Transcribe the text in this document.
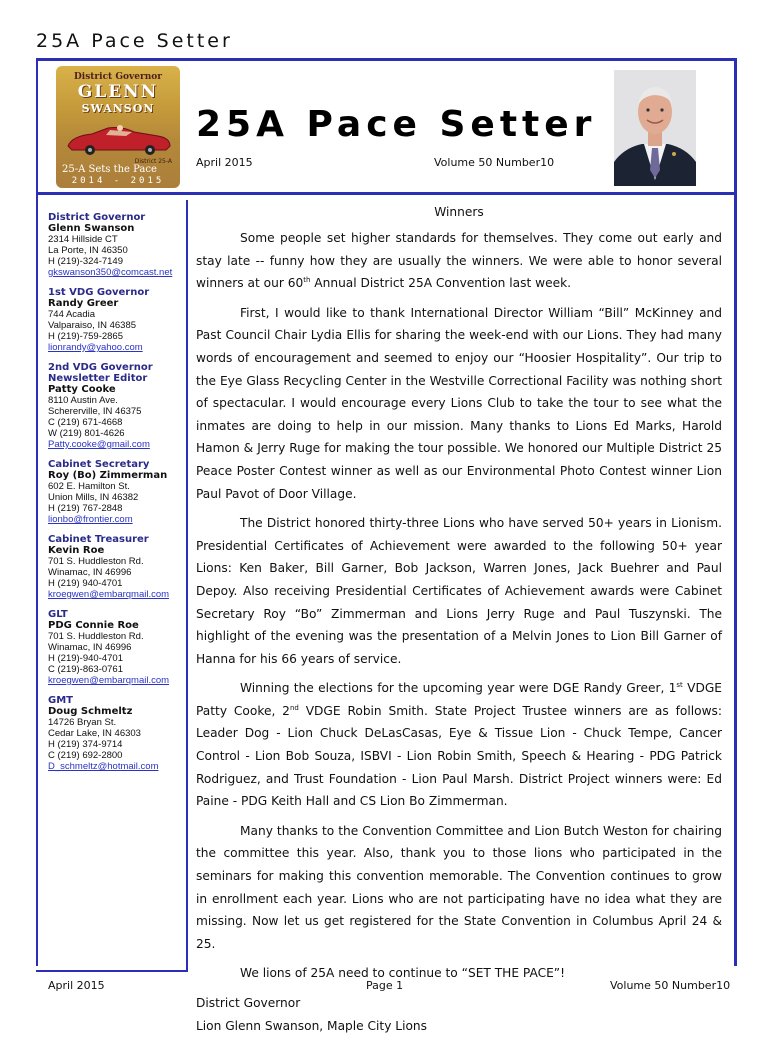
25A Pace Setter
District Governor
GLENN
SWANSON
District 25-A
25-A Sets the Pace
2014 - 2015
25A Pace Setter
April 2015	Volume 50 Number10
District Governor
Glenn Swanson
2314 Hillside CT
La Porte, IN 46350
H (219)-324-7149
gkswanson350@comcast.net
1st VDG Governor
Randy Greer
744 Acadia
Valparaiso, IN 46385
H (219)-759-2865
lionrandy@yahoo.com
2nd VDG Governor
Newsletter Editor
Patty Cooke
8110 Austin Ave.
Schererville, IN 46375
C (219) 671-4668
W (219) 801-4626
Patty.cooke@gmail.com
Cabinet Secretary
Roy (Bo) Zimmerman
602 E. Hamilton St.
Union Mills, IN 46382
H (219) 767-2848
lionbo@frontier.com
Cabinet Treasurer
Kevin Roe
701 S. Huddleston Rd.
Winamac, IN 46996
H (219) 940-4701
kroegwen@embarqmail.com
GLT
PDG Connie Roe
701 S. Huddleston Rd.
Winamac, IN 46996
H (219)-940-4701
C (219)-863-0761
kroegwen@embarqmail.com
GMT
Doug Schmeltz
14726 Bryan St.
Cedar Lake, IN 46303
H (219) 374-9714
C (219) 692-2800
D_schmeltz@hotmail.com
Winners

Some people set higher standards for themselves. They come out early and stay late -- funny how they are usually the winners. We were able to honor several winners at our 60th Annual District 25A Convention last week.

First, I would like to thank International Director William “Bill” McKinney and Past Council Chair Lydia Ellis for sharing the week-end with our Lions. They had many words of encouragement and seemed to enjoy our “Hoosier Hospitality”. Our trip to the Eye Glass Recycling Center in the Westville Correctional Facility was nothing short of spectacular. I would encourage every Lions Club to take the tour to see what the inmates are doing to help in our mission. Many thanks to Lions Ed Marks, Harold Hamon & Jerry Ruge for making the tour possible. We honored our Multiple District 25 Peace Poster Contest winner as well as our Environmental Photo Contest winner Lion Paul Pavot of Door Village.

The District honored thirty-three Lions who have served 50+ years in Lionism. Presidential Certificates of Achievement were awarded to the following 50+ year Lions: Ken Baker, Bill Garner, Bob Jackson, Warren Jones, Jack Buehrer and Paul Depoy. Also receiving Presidential Certificates of Achievement awards were Cabinet Secretary Roy “Bo” Zimmerman and Lions Jerry Ruge and Paul Tuszynski. The highlight of the evening was the presentation of a Melvin Jones to Lion Bill Garner of Hanna for his 66 years of service.

Winning the elections for the upcoming year were DGE Randy Greer, 1st VDGE Patty Cooke, 2nd VDGE Robin Smith. State Project Trustee winners are as follows: Leader Dog - Lion Chuck DeLasCasas, Eye & Tissue Lion - Chuck Tempe, Cancer Control - Lion Bob Souza, ISBVI - Lion Robin Smith, Speech & Hearing - PDG Patrick Rodriguez, and Trust Foundation - Lion Paul Marsh. District Project winners were: Ed Paine - PDG Keith Hall and CS Lion Bo Zimmerman.

Many thanks to the Convention Committee and Lion Butch Weston for chairing the committee this year. Also, thank you to those lions who participated in the seminars for making this convention memorable. The Convention continues to grow in enrollment each year. Lions who are not participating have no idea what they are missing. Now let us get registered for the State Convention in Columbus April 24 & 25.

We lions of 25A need to continue to “SET THE PACE”!

District Governor

Lion Glenn Swanson, Maple City Lions

April 2015	Page 1	Volume 50 Number10
